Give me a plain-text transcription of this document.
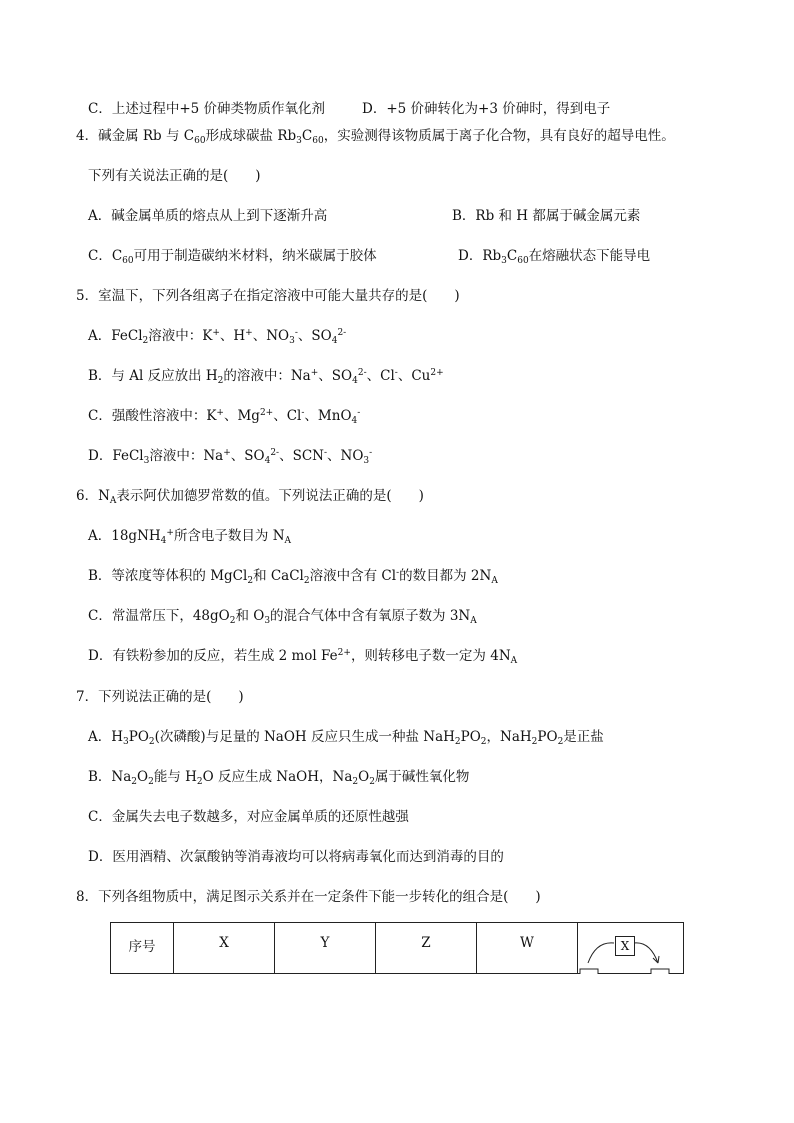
C．上述过程中+5 价砷类物质作氧化剂	D．+5 价砷转化为+3 价砷时，得到电子
4．碱金属 Rb 与 $C_{60}$形成球碳盐 $Rb_3C_{60}$，实验测得该物质属于离子化合物，具有良好的超导电性。
下列有关说法正确的是(　　)
A．碱金属单质的熔点从上到下逐渐升高	B．Rb 和 H 都属于碱金属元素
C．$C_{60}$可用于制造碳纳米材料，纳米碳属于胶体	D．$Rb_3C_{60}$在熔融状态下能导电
5．室温下，下列各组离子在指定溶液中可能大量共存的是(　　)
A．FeCl$_2$溶液中：K+、H+、$NO_3^-$、$SO_4^{2-}$
B．与 Al 反应放出 $H_2$的溶液中：Na+、$SO_4^{2-}$、Cl-、$Cu^{2+}$
C．强酸性溶液中：K+、$Mg^{2+}$、Cl-、MnO$_4$-
D．FeCl$_3$溶液中：Na+、$SO_4^{2-}$、SCN-、$NO_3^-$
6．$N_A$表示阿伏加德罗常数的值。下列说法正确的是(　　)
A．18gNH$_4$+所含电子数目为 $N_A$
B．等浓度等体积的 MgCl$_2$和 CaCl$_2$溶液中含有 Cl-的数目都为 $2N_A$
C．常温常压下，$48gO_2$和 $O_3$的混合气体中含有氧原子数为 $3N_A$
D．有铁粉参加的反应，若生成 2 mol $Fe^{2+}$，则转移电子数一定为 $4N_A$
7．下列说法正确的是(　　)
A．$H_3PO_2$(次磷酸)与足量的 NaOH 反应只生成一种盐 $NaH_2PO_2$，$NaH_2PO_2$是正盐
B．$Na_2O_2$能与 $H_2O$ 反应生成 NaOH，$Na_2O_2$属于碱性氧化物
C．金属失去电子数越多，对应金属单质的还原性越强
D．医用酒精、次氯酸钠等消毒液均可以将病毒氧化而达到消毒的目的
8．下列各组物质中，满足图示关系并在一定条件下能一步转化的组合是(　　)
序号	X	Y	Z	W		X
